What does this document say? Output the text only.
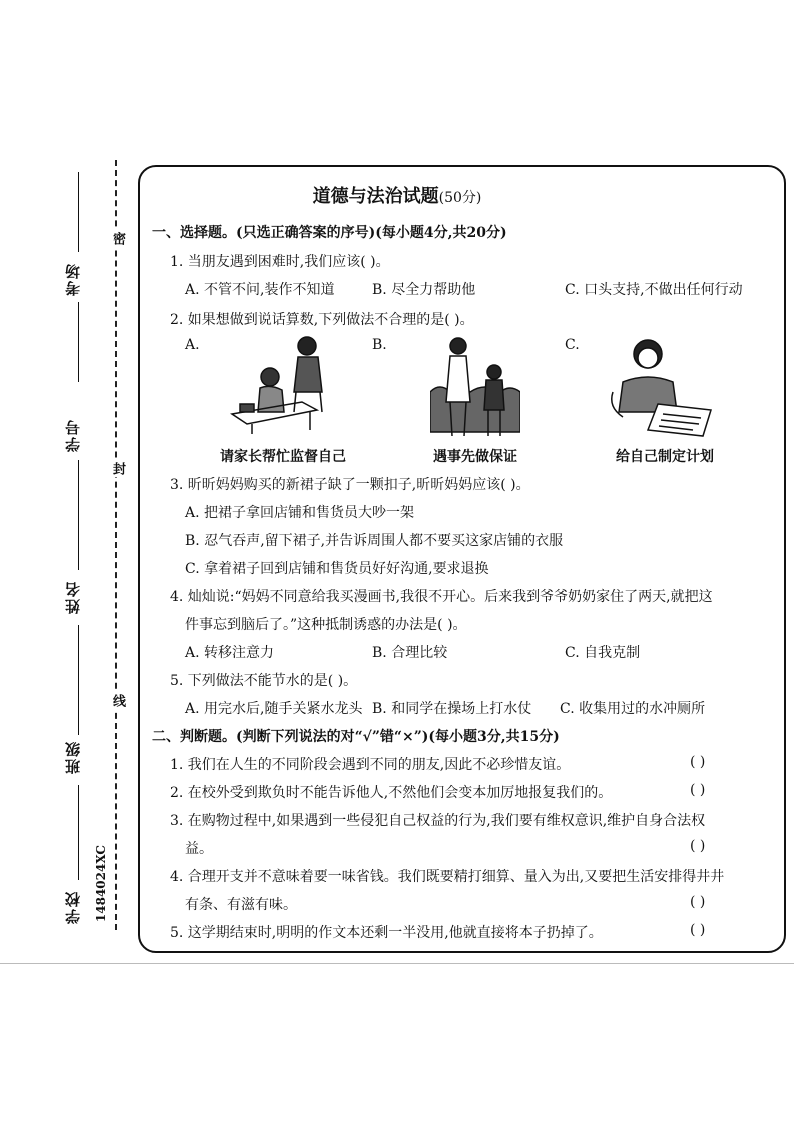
考场
学号
姓名
班级
学校 1484024XC
密
封
线
道德与法治试题(50分)
一、选择题。(只选正确答案的序号)(每小题4分,共20分)
1. 当朋友遇到困难时,我们应该( )。
A. 不管不问,装作不知道	B. 尽全力帮助他	C. 口头支持,不做出任何行动
2. 如果想做到说话算数,下列做法不合理的是( )。
A.	B.	C.
请家长帮忙监督自己	遇事先做保证	给自己制定计划
3. 昕昕妈妈购买的新裙子缺了一颗扣子,昕昕妈妈应该( )。
A. 把裙子拿回店铺和售货员大吵一架
B. 忍气吞声,留下裙子,并告诉周围人都不要买这家店铺的衣服
C. 拿着裙子回到店铺和售货员好好沟通,要求退换
4. 灿灿说:“妈妈不同意给我买漫画书,我很不开心。后来我到爷爷奶奶家住了两天,就把这
件事忘到脑后了。”这种抵制诱惑的办法是( )。
A. 转移注意力	B. 合理比较	C. 自我克制
5. 下列做法不能节水的是( )。
A. 用完水后,随手关紧水龙头 B. 和同学在操场上打水仗 C. 收集用过的水冲厕所
二、判断题。(判断下列说法的对“√”错“×”)(每小题3分,共15分)
1. 我们在人生的不同阶段会遇到不同的朋友,因此不必珍惜友谊。	( )
2. 在校外受到欺负时不能告诉他人,不然他们会变本加厉地报复我们的。	( )
3. 在购物过程中,如果遇到一些侵犯自己权益的行为,我们要有维权意识,维护自身合法权
益。	( )
4. 合理开支并不意味着要一味省钱。我们既要精打细算、量入为出,又要把生活安排得井井
有条、有滋有味。	( )
5. 这学期结束时,明明的作文本还剩一半没用,他就直接将本子扔掉了。	( )
